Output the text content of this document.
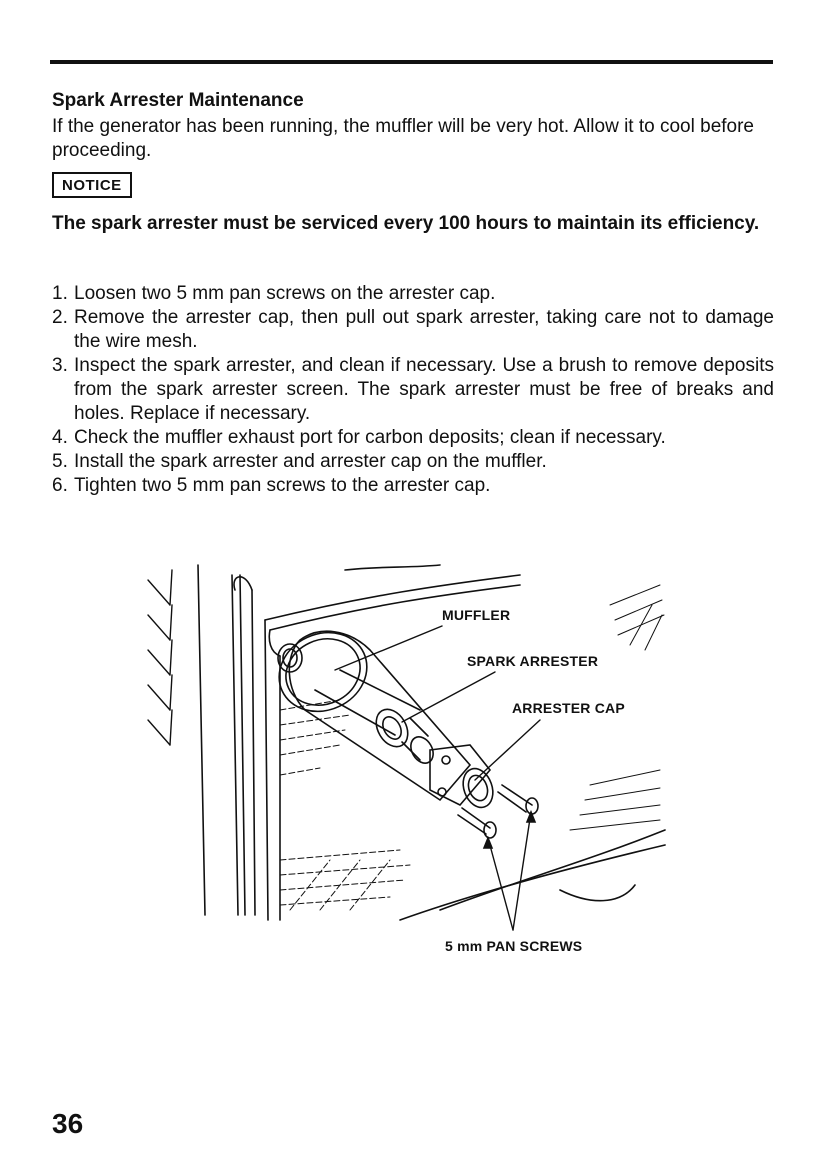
Spark Arrester Maintenance
If the generator has been running, the muffler will be very hot. Allow it to cool before proceeding.
NOTICE
The spark arrester must be serviced every 100 hours to maintain its efficiency.
1. Loosen two 5 mm pan screws on the arrester cap.
2. Remove the arrester cap, then pull out spark arrester, taking care not to damage the wire mesh.
3. Inspect the spark arrester, and clean if necessary. Use a brush to remove deposits from the spark arrester screen. The spark arrester must be free of breaks and holes. Replace if necessary.
4. Check the muffler exhaust port for carbon deposits; clean if necessary.
5. Install the spark arrester and arrester cap on the muffler.
6. Tighten two 5 mm pan screws to the arrester cap.
MUFFLER
SPARK ARRESTER
ARRESTER CAP
5 mm PAN SCREWS
36
